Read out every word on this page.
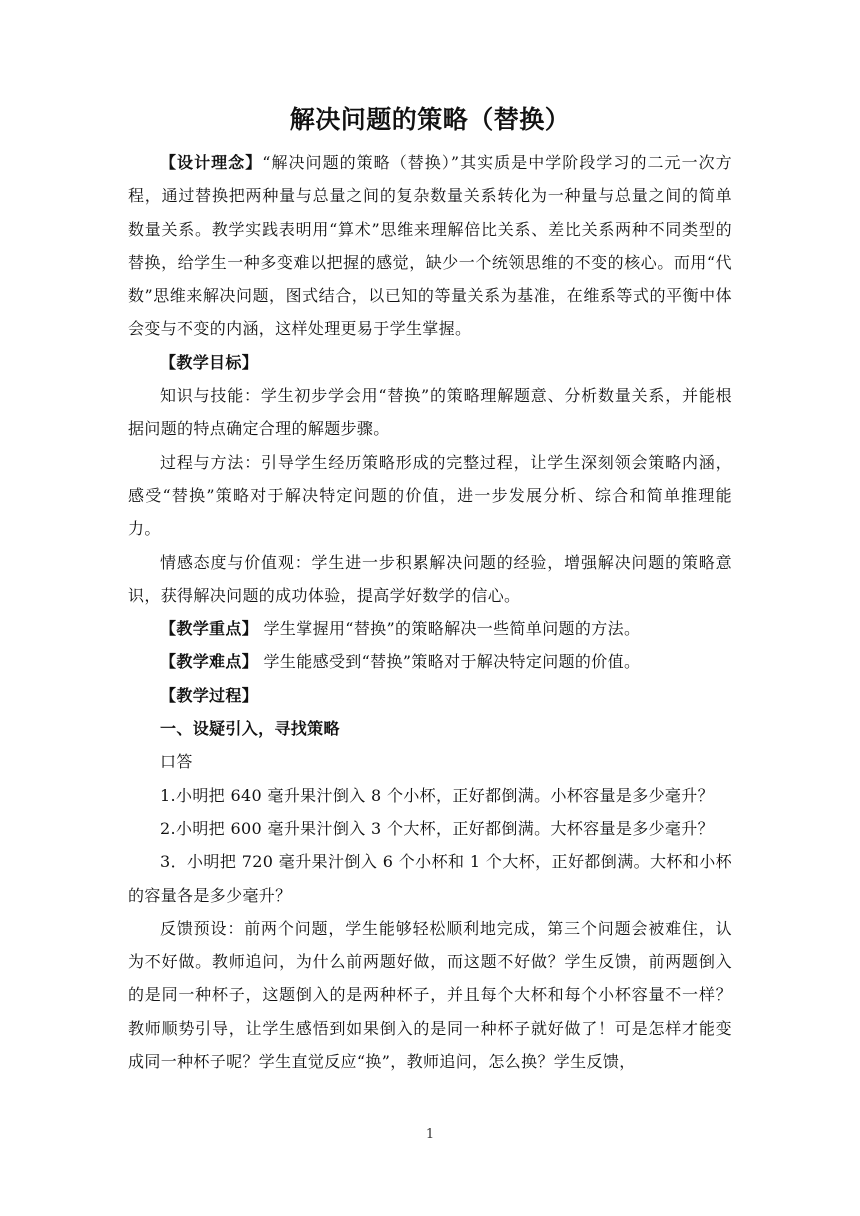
解决问题的策略（替换）

【设计理念】“解决问题的策略（替换）”其实质是中学阶段学习的二元一次方程，通过替换把两种量与总量之间的复杂数量关系转化为一种量与总量之间的简单数量关系。教学实践表明用“算术”思维来理解倍比关系、差比关系两种不同类型的替换，给学生一种多变难以把握的感觉，缺少一个统领思维的不变的核心。而用“代数”思维来解决问题，图式结合，以已知的等量关系为基准，在维系等式的平衡中体会变与不变的内涵，这样处理更易于学生掌握。

【教学目标】

知识与技能：学生初步学会用“替换”的策略理解题意、分析数量关系，并能根据问题的特点确定合理的解题步骤。

过程与方法：引导学生经历策略形成的完整过程，让学生深刻领会策略内涵，感受“替换”策略对于解决特定问题的价值，进一步发展分析、综合和简单推理能力。

情感态度与价值观：学生进一步积累解决问题的经验，增强解决问题的策略意识，获得解决问题的成功体验，提高学好数学的信心。

【教学重点】 学生掌握用“替换”的策略解决一些简单问题的方法。

【教学难点】 学生能感受到“替换”策略对于解决特定问题的价值。

【教学过程】

一、设疑引入，寻找策略

口答

1.小明把 640 毫升果汁倒入 8 个小杯，正好都倒满。小杯容量是多少毫升？

2.小明把 600 毫升果汁倒入 3 个大杯，正好都倒满。大杯容量是多少毫升？

3．小明把 720 毫升果汁倒入 6 个小杯和 1 个大杯，正好都倒满。大杯和小杯的容量各是多少毫升？

反馈预设：前两个问题，学生能够轻松顺利地完成，第三个问题会被难住，认为不好做。教师追问，为什么前两题好做，而这题不好做？学生反馈，前两题倒入的是同一种杯子，这题倒入的是两种杯子，并且每个大杯和每个小杯容量不一样？教师顺势引导，让学生感悟到如果倒入的是同一种杯子就好做了！可是怎样才能变成同一种杯子呢？学生直觉反应“换”，教师追问，怎么换？学生反馈，

1
